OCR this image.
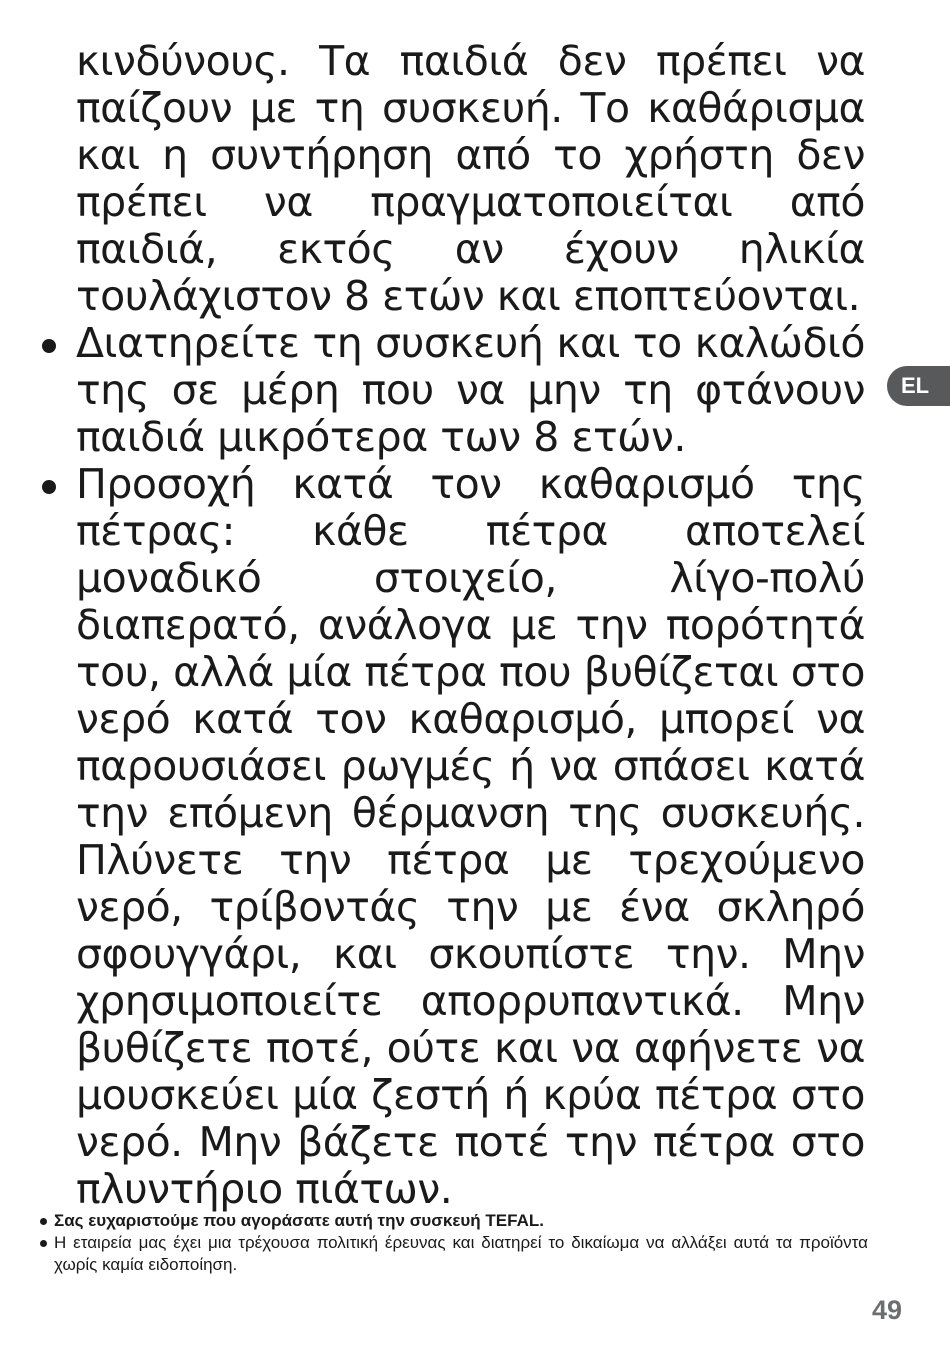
κινδύνους. Τα παιδιά δεν πρέπει να παίζουν με τη συσκευή. Το καθάρισμα και η συντήρηση από το χρήστη δεν πρέπει να πραγματοποιείται από παιδιά, εκτός αν έχουν ηλικία τουλάχιστον 8 ετών και εποπτεύονται.

Διατηρείτε τη συσκευή και το καλώδιό της σε μέρη που να μην τη φτάνουν παιδιά μικρότερα των 8 ετών.
Προσοχή κατά τον καθαρισμό της πέτρας: κάθε πέτρα αποτελεί μοναδικό στοιχείο, λίγο-πολύ διαπερατό, ανάλογα με την πορότητά του, αλλά μία πέτρα που βυθίζεται στο νερό κατά τον καθαρισμό, μπορεί να παρουσιάσει ρωγμές ή να σπάσει κατά την επόμενη θέρμανση της συσκευής. Πλύνετε την πέτρα με τρεχούμενο νερό, τρίβοντάς την με ένα σκληρό σφουγγάρι, και σκουπίστε την. Μην χρησιμοποιείτε απορρυπαντικά. Μην βυθίζετε ποτέ, ούτε και να αφήνετε να μουσκεύει μία ζεστή ή κρύα πέτρα στο νερό. Μην βάζετε ποτέ την πέτρα στο πλυντήριο πιάτων.
EL

Σας ευχαριστούμε που αγοράσατε αυτή την συσκευή TEFAL.

Η εταιρεία μας έχει μια τρέχουσα πολιτική έρευνας και διατηρεί το δικαίωμα να αλλάξει αυτά τα προϊόντα χωρίς καμία ειδοποίηση.

49
